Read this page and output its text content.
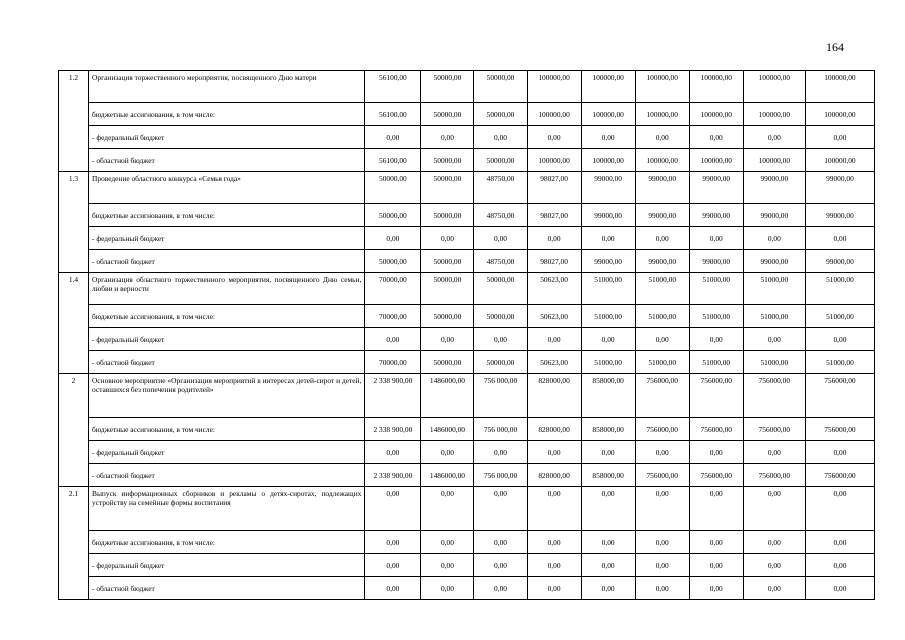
164
1.2	Организация торжественного мероприятия, посвященного Дню матери	56100,00	50000,00	50000,00	100000,00	100000,00	100000,00	100000,00	100000,00	100000,00
	бюджетные ассигнования, в том числе:	56100,00	50000,00	50000,00	100000,00	100000,00	100000,00	100000,00	100000,00	100000,00
	- федеральный бюджет	0,00	0,00	0,00	0,00	0,00	0,00	0,00	0,00	0,00
	- областной бюджет	56100,00	50000,00	50000,00	100000,00	100000,00	100000,00	100000,00	100000,00	100000,00
1.3	Проведение областного конкурса «Семья года»	50000,00	50000,00	48750,00	98027,00	99000,00	99000,00	99000,00	99000,00	99000,00
	бюджетные ассигнования, в том числе:	50000,00	50000,00	48750,00	98027,00	99000,00	99000,00	99000,00	99000,00	99000,00
	- федеральный бюджет	0,00	0,00	0,00	0,00	0,00	0,00	0,00	0,00	0,00
	- областной бюджет	50000,00	50000,00	48750,00	98027,00	99000,00	99000,00	99000,00	99000,00	99000,00
1.4	Организация областного торжественного мероприятия, посвященного Дню семьи, любви и верности	70000,00	50000,00	50000,00	50623,00	51000,00	51000,00	51000,00	51000,00	51000,00
	бюджетные ассигнования, в том числе:	70000,00	50000,00	50000,00	50623,00	51000,00	51000,00	51000,00	51000,00	51000,00
	- федеральный бюджет	0,00	0,00	0,00	0,00	0,00	0,00	0,00	0,00	0,00
	- областной бюджет	70000,00	50000,00	50000,00	50623,00	51000,00	51000,00	51000,00	51000,00	51000,00
2	Основное мероприятие «Организация мероприятий в интересах детей-сирот и детей, оставшихся без попечения родителей»	2 338 900,00	1486000,00	756 000,00	828000,00	858000,00	756000,00	756000,00	756000,00	756000,00
	бюджетные ассигнования, в том числе:	2 338 900,00	1486000,00	756 000,00	828000,00	858000,00	756000,00	756000,00	756000,00	756000,00
	- федеральный бюджет	0,00	0,00	0,00	0,00	0,00	0,00	0,00	0,00	0,00
	- областной бюджет	2 338 900,00	1486000,00	756 000,00	828000,00	858000,00	756000,00	756000,00	756000,00	756000,00
2.1	Выпуск информационных сборников и рекламы о детях-сиротах, подлежащих устройству на семейные формы воспитания	0,00	0,00	0,00	0,00	0,00	0,00	0,00	0,00	0,00
	бюджетные ассигнования, в том числе:	0,00	0,00	0,00	0,00	0,00	0,00	0,00	0,00	0,00
	- федеральный бюджет	0,00	0,00	0,00	0,00	0,00	0,00	0,00	0,00	0,00
	- областной бюджет	0,00	0,00	0,00	0,00	0,00	0,00	0,00	0,00	0,00
